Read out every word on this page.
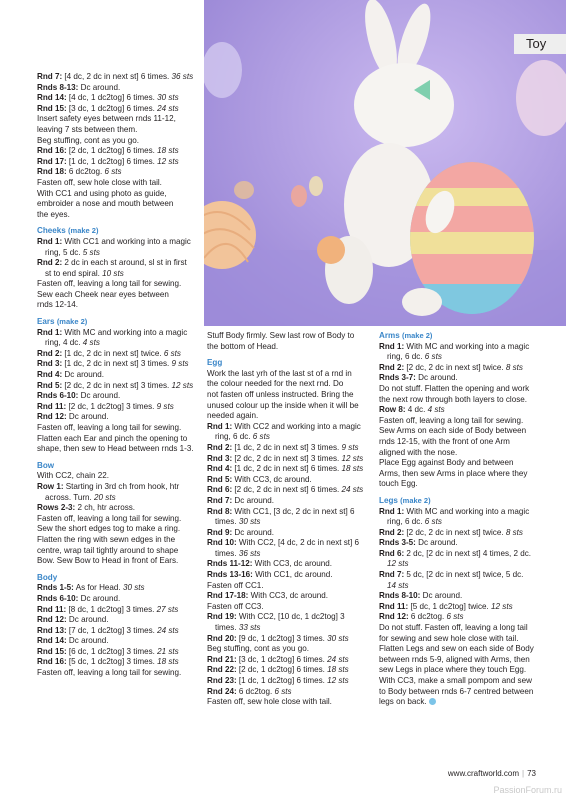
Toy
Rnd 7: [4 dc, 2 dc in next st] 6 times. 36 sts
Rnds 8-13: Dc around.
Rnd 14: [4 dc, 1 dc2tog] 6 times. 30 sts
Rnd 15: [3 dc, 1 dc2tog] 6 times. 24 sts
Insert safety eyes between rnds 11-12,
leaving 7 sts between them.
Beg stuffing, cont as you go.
Rnd 16: [2 dc, 1 dc2tog] 6 times. 18 sts
Rnd 17: [1 dc, 1 dc2tog] 6 times. 12 sts
Rnd 18: 6 dc2tog. 6 sts
Fasten off, sew hole close with tail.
With CC1 and using photo as guide,
embroider a nose and mouth between
the eyes.
Cheeks (make 2)
Rnd 1: With CC1 and working into a magic
ring, 5 dc. 5 sts
Rnd 2: 2 dc in each st around, sl st in first
st to end spiral. 10 sts
Fasten off, leaving a long tail for sewing.
Sew each Cheek near eyes between
rnds 12-14.
Ears (make 2)
Rnd 1: With MC and working into a magic
ring, 4 dc. 4 sts
Rnd 2: [1 dc, 2 dc in next st] twice. 6 sts
Rnd 3: [1 dc, 2 dc in next st] 3 times. 9 sts
Rnd 4: Dc around.
Rnd 5: [2 dc, 2 dc in next st] 3 times. 12 sts
Rnds 6-10: Dc around.
Rnd 11: [2 dc, 1 dc2tog] 3 times. 9 sts
Rnd 12: Dc around.
Fasten off, leaving a long tail for sewing.
Flatten each Ear and pinch the opening to
shape, then sew to Head between rnds 1-3.
Bow
With CC2, chain 22.
Row 1: Starting in 3rd ch from hook, htr
across. Turn. 20 sts
Rows 2-3: 2 ch, htr across.
Fasten off, leaving a long tail for sewing.
Sew the short edges tog to make a ring.
Flatten the ring with sewn edges in the
centre, wrap tail tightly around to shape
Bow. Sew Bow to Head in front of Ears.
Body
Rnds 1-5: As for Head. 30 sts
Rnds 6-10: Dc around.
Rnd 11: [8 dc, 1 dc2tog] 3 times. 27 sts
Rnd 12: Dc around.
Rnd 13: [7 dc, 1 dc2tog] 3 times. 24 sts
Rnd 14: Dc around.
Rnd 15: [6 dc, 1 dc2tog] 3 times. 21 sts
Rnd 16: [5 dc, 1 dc2tog] 3 times. 18 sts
Fasten off, leaving a long tail for sewing.
Stuff Body firmly. Sew last row of Body to
the bottom of Head.
Egg
Work the last yrh of the last st of a rnd in
the colour needed for the next rnd. Do
not fasten off unless instructed. Bring the
unused colour up the inside when it will be
needed again.
Rnd 1: With CC2 and working into a magic
ring, 6 dc. 6 sts
Rnd 2: [1 dc, 2 dc in next st] 3 times. 9 sts
Rnd 3: [2 dc, 2 dc in next st] 3 times. 12 sts
Rnd 4: [1 dc, 2 dc in next st] 6 times. 18 sts
Rnd 5: With CC3, dc around.
Rnd 6: [2 dc, 2 dc in next st] 6 times. 24 sts
Rnd 7: Dc around.
Rnd 8: With CC1, [3 dc, 2 dc in next st] 6
times. 30 sts
Rnd 9: Dc around.
Rnd 10: With CC2, [4 dc, 2 dc in next st] 6
times. 36 sts
Rnds 11-12: With CC3, dc around.
Rnds 13-16: With CC1, dc around.
Fasten off CC1.
Rnd 17-18: With CC3, dc around.
Fasten off CC3.
Rnd 19: With CC2, [10 dc, 1 dc2tog] 3
times. 33 sts
Rnd 20: [9 dc, 1 dc2tog] 3 times. 30 sts
Beg stuffing, cont as you go.
Rnd 21: [3 dc, 1 dc2tog] 6 times. 24 sts
Rnd 22: [2 dc, 1 dc2tog] 6 times. 18 sts
Rnd 23: [1 dc, 1 dc2tog] 6 times. 12 sts
Rnd 24: 6 dc2tog. 6 sts
Fasten off, sew hole close with tail.
Arms (make 2)
Rnd 1: With MC and working into a magic
ring, 6 dc. 6 sts
Rnd 2: [2 dc, 2 dc in next st] twice. 8 sts
Rnds 3-7: Dc around.
Do not stuff. Flatten the opening and work
the next row through both layers to close.
Row 8: 4 dc. 4 sts
Fasten off, leaving a long tail for sewing.
Sew Arms on each side of Body between
rnds 12-15, with the front of one Arm
aligned with the nose.
Place Egg against Body and between
Arms, then sew Arms in place where they
touch Egg.
Legs (make 2)
Rnd 1: With MC and working into a magic
ring, 6 dc. 6 sts
Rnd 2: [2 dc, 2 dc in next st] twice. 8 sts
Rnds 3-5: Dc around.
Rnd 6: 2 dc, [2 dc in next st] 4 times, 2 dc.
12 sts
Rnd 7: 5 dc, [2 dc in next st] twice, 5 dc.
14 sts
Rnds 8-10: Dc around.
Rnd 11: [5 dc, 1 dc2tog] twice. 12 sts
Rnd 12: 6 dc2tog. 6 sts
Do not stuff. Fasten off, leaving a long tail
for sewing and sew hole close with tail.
Flatten Legs and sew on each side of Body
between rnds 5-9, aligned with Arms, then
sew Legs in place where they touch Egg.
With CC3, make a small pompom and sew
to Body between rnds 6-7 centred between
legs on back.
www.craftworld.com | 73
PassionForum.ru
